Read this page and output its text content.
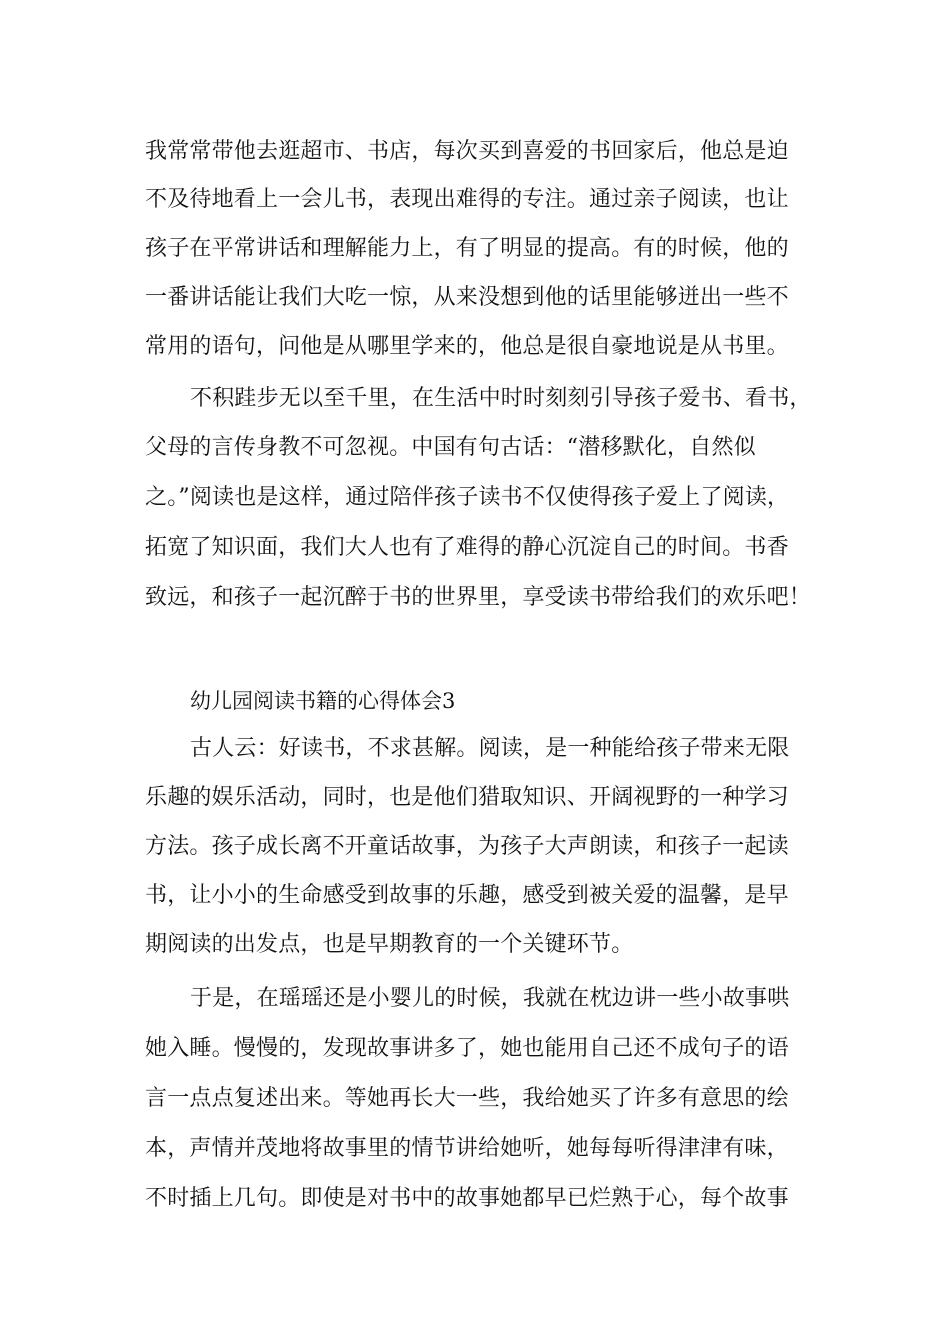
我常常带他去逛超市、书店，每次买到喜爱的书回家后，他总是迫
不及待地看上一会儿书，表现出难得的专注。通过亲子阅读，也让
孩子在平常讲话和理解能力上，有了明显的提高。有的时候，他的
一番讲话能让我们大吃一惊，从来没想到他的话里能够迸出一些不
常用的语句，问他是从哪里学来的，他总是很自豪地说是从书里。
不积跬步无以至千里，在生活中时时刻刻引导孩子爱书、看书，
父母的言传身教不可忽视。中国有句古话：“潜移默化，自然似
之。”阅读也是这样，通过陪伴孩子读书不仅使得孩子爱上了阅读，
拓宽了知识面，我们大人也有了难得的静心沉淀自己的时间。书香
致远，和孩子一起沉醉于书的世界里，享受读书带给我们的欢乐吧！
幼儿园阅读书籍的心得体会3
古人云：好读书，不求甚解。阅读，是一种能给孩子带来无限
乐趣的娱乐活动，同时，也是他们猎取知识、开阔视野的一种学习
方法。孩子成长离不开童话故事，为孩子大声朗读，和孩子一起读
书，让小小的生命感受到故事的乐趣，感受到被关爱的温馨，是早
期阅读的出发点，也是早期教育的一个关键环节。
于是，在瑶瑶还是小婴儿的时候，我就在枕边讲一些小故事哄
她入睡。慢慢的，发现故事讲多了，她也能用自己还不成句子的语
言一点点复述出来。等她再长大一些，我给她买了许多有意思的绘
本，声情并茂地将故事里的情节讲给她听，她每每听得津津有味，
不时插上几句。即使是对书中的故事她都早已烂熟于心，每个故事
